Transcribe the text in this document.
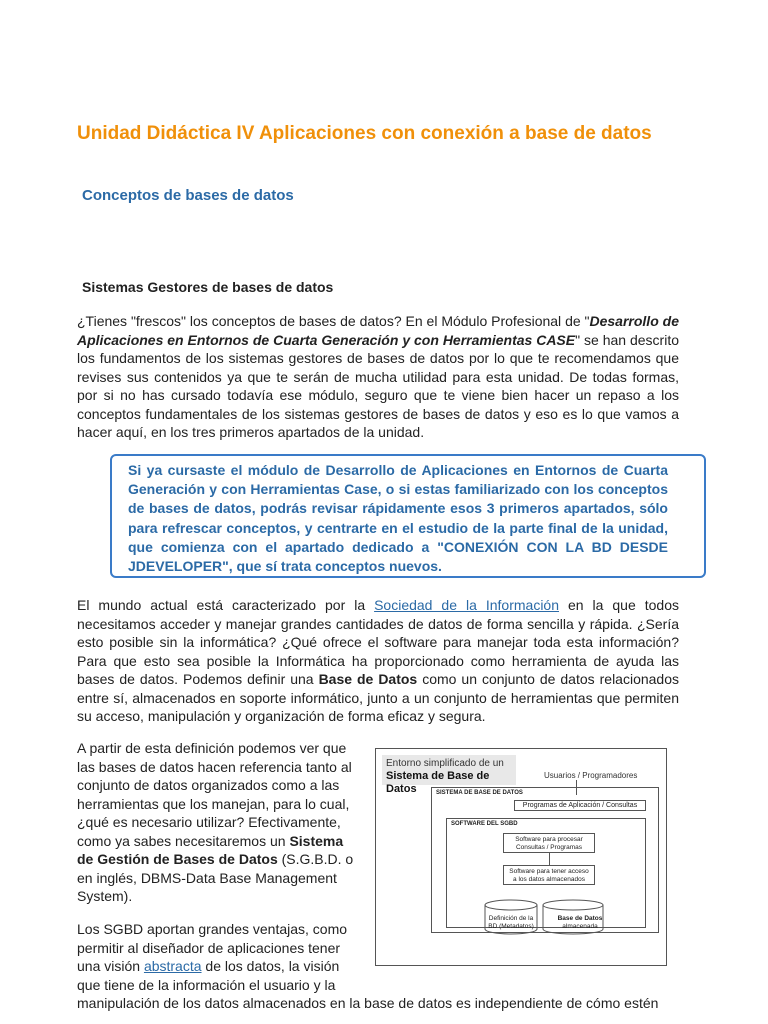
Unidad Didáctica IV Aplicaciones con conexión a base de datos
Conceptos de bases de datos
Sistemas Gestores de bases de datos

¿Tienes "frescos" los conceptos de bases de datos? En el Módulo Profesional de "Desarrollo de Aplicaciones en Entornos de Cuarta Generación y con Herramientas CASE" se han descrito los fundamentos de los sistemas gestores de bases de datos por lo que te recomendamos que revises sus contenidos ya que te serán de mucha utilidad para esta unidad. De todas formas, por si no has cursado todavía ese módulo, seguro que te viene bien hacer un repaso a los conceptos fundamentales de los sistemas gestores de bases de datos y eso es lo que vamos a hacer aquí, en los tres primeros apartados de la unidad.

Si ya cursaste el módulo de Desarrollo de Aplicaciones en Entornos de Cuarta Generación y con Herramientas Case, o si estas familiarizado con los conceptos de bases de datos, podrás revisar rápidamente esos 3 primeros apartados, sólo para refrescar conceptos, y centrarte en el estudio de la parte final de la unidad, que comienza con el apartado dedicado a "CONEXIÓN CON LA BD DESDE JDEVELOPER", que sí trata conceptos nuevos.

El mundo actual está caracterizado por la Sociedad de la Información en la que todos necesitamos acceder y manejar grandes cantidades de datos de forma sencilla y rápida. ¿Sería esto posible sin la informática? ¿Qué ofrece el software para manejar toda esta información? Para que esto sea posible la Informática ha proporcionado como herramienta de ayuda las bases de datos. Podemos definir una Base de Datos como un conjunto de datos relacionados entre sí, almacenados en soporte informático, junto a un conjunto de herramientas que permiten su acceso, manipulación y organización de forma eficaz y segura.

A partir de esta definición podemos ver que las bases de datos hacen referencia tanto al conjunto de datos organizados como a las herramientas que los manejan, para lo cual, ¿qué es necesario utilizar? Efectivamente, como ya sabes necesitaremos un Sistema de Gestión de Bases de Datos (S.G.B.D. o en inglés, DBMS-Data Base Management System).

Los SGBD aportan grandes ventajas, como permitir al diseñador de aplicaciones tener una visión abstracta de los datos, la visión que tiene de la información el usuario y la

manipulación de los datos almacenados en la base de datos es independiente de cómo estén

Entorno simplificado de un
Sistema de Base de Datos
Usuarios / Programadores
SISTEMA DE BASE DE DATOS
Programas de Aplicación / Consultas
SOFTWARE DEL SGBD
Software para procesar
Consultas / Programas
Software para tener acceso
a los datos almacenados
Definición de la
BD (Metadatos)
Base de Datos
almacenada
